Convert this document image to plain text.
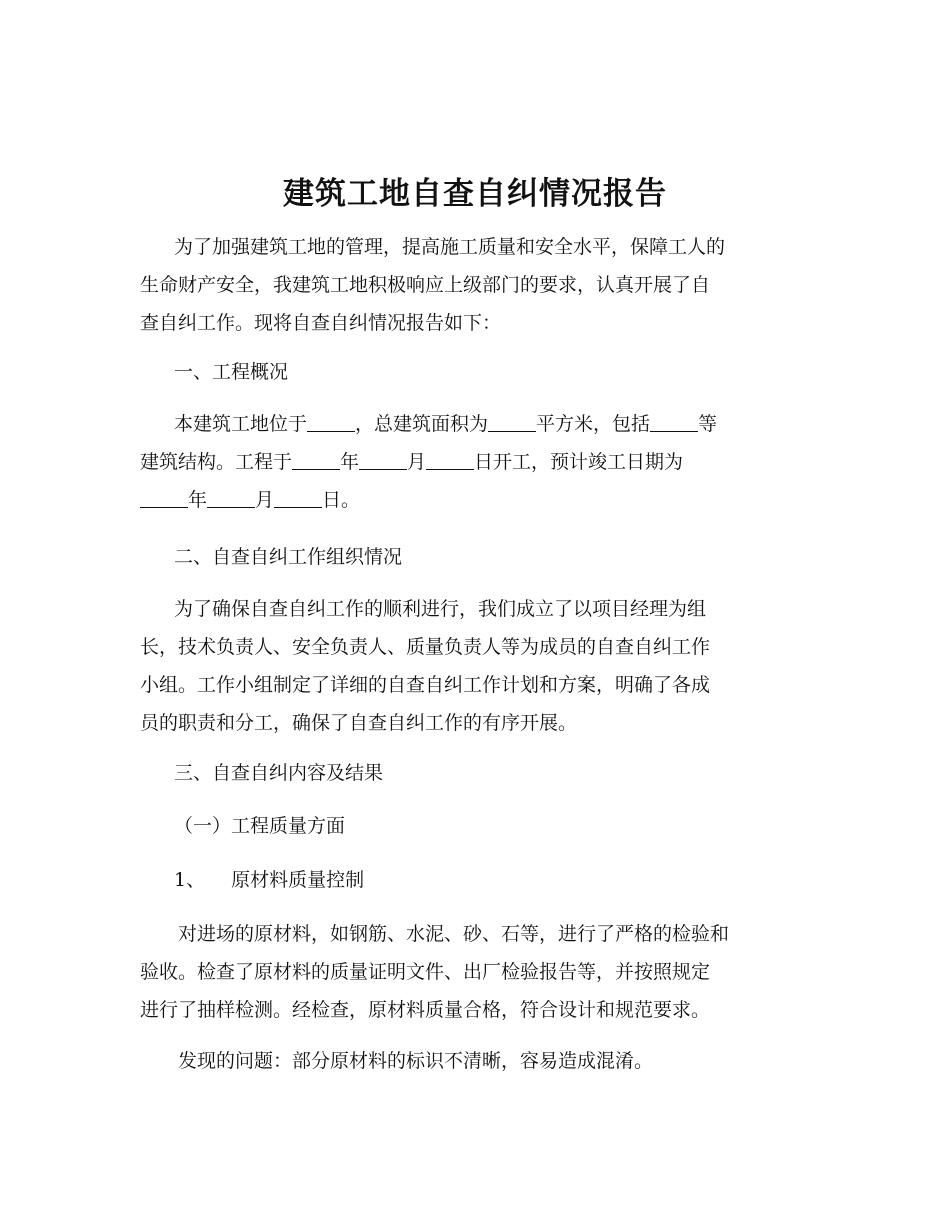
建筑工地自查自纠情况报告
为了加强建筑工地的管理，提高施工质量和安全水平，保障工人的
生命财产安全，我建筑工地积极响应上级部门的要求，认真开展了自
查自纠工作。现将自查自纠情况报告如下：
一、工程概况
本建筑工地位于	，总建筑面积为	平方米，包括	等
建筑结构。工程于	年	月	日开工，预计竣工日期为
年	月	日。
二、自查自纠工作组织情况
为了确保自查自纠工作的顺利进行，我们成立了以项目经理为组
长，技术负责人、安全负责人、质量负责人等为成员的自查自纠工作
小组。工作小组制定了详细的自查自纠工作计划和方案，明确了各成
员的职责和分工，确保了自查自纠工作的有序开展。
三、自查自纠内容及结果
（一）工程质量方面
1、 原材料质量控制
对进场的原材料，如钢筋、水泥、砂、石等，进行了严格的检验和
验收。检查了原材料的质量证明文件、出厂检验报告等，并按照规定
进行了抽样检测。经检查，原材料质量合格，符合设计和规范要求。
发现的问题：部分原材料的标识不清晰，容易造成混淆。
